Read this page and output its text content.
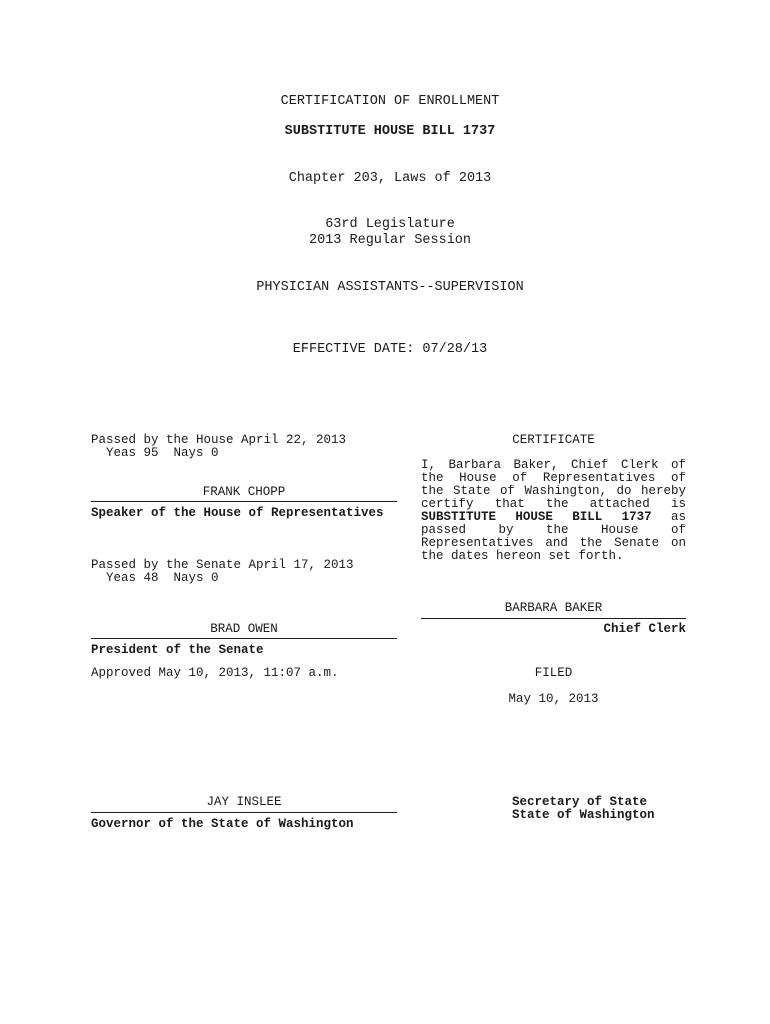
CERTIFICATION OF ENROLLMENT
SUBSTITUTE HOUSE BILL 1737
Chapter 203, Laws of 2013
63rd Legislature
2013 Regular Session
PHYSICIAN ASSISTANTS--SUPERVISION
EFFECTIVE DATE: 07/28/13
Passed by the House April 22, 2013
Yeas 95  Nays 0
FRANK CHOPP
Speaker of the House of Representatives
Passed by the Senate April 17, 2013
Yeas 48  Nays 0
BRAD OWEN
President of the Senate
Approved May 10, 2013, 11:07 a.m.
JAY INSLEE
Governor of the State of Washington
CERTIFICATE
I, Barbara Baker, Chief Clerk of
the House of Representatives of
the State of Washington, do hereby
certify that the attached is
SUBSTITUTE HOUSE BILL 1737 as
passed by the House of
Representatives and the Senate on
the dates hereon set forth.
BARBARA BAKER
Chief Clerk
FILED
May 10, 2013
Secretary of State
State of Washington
